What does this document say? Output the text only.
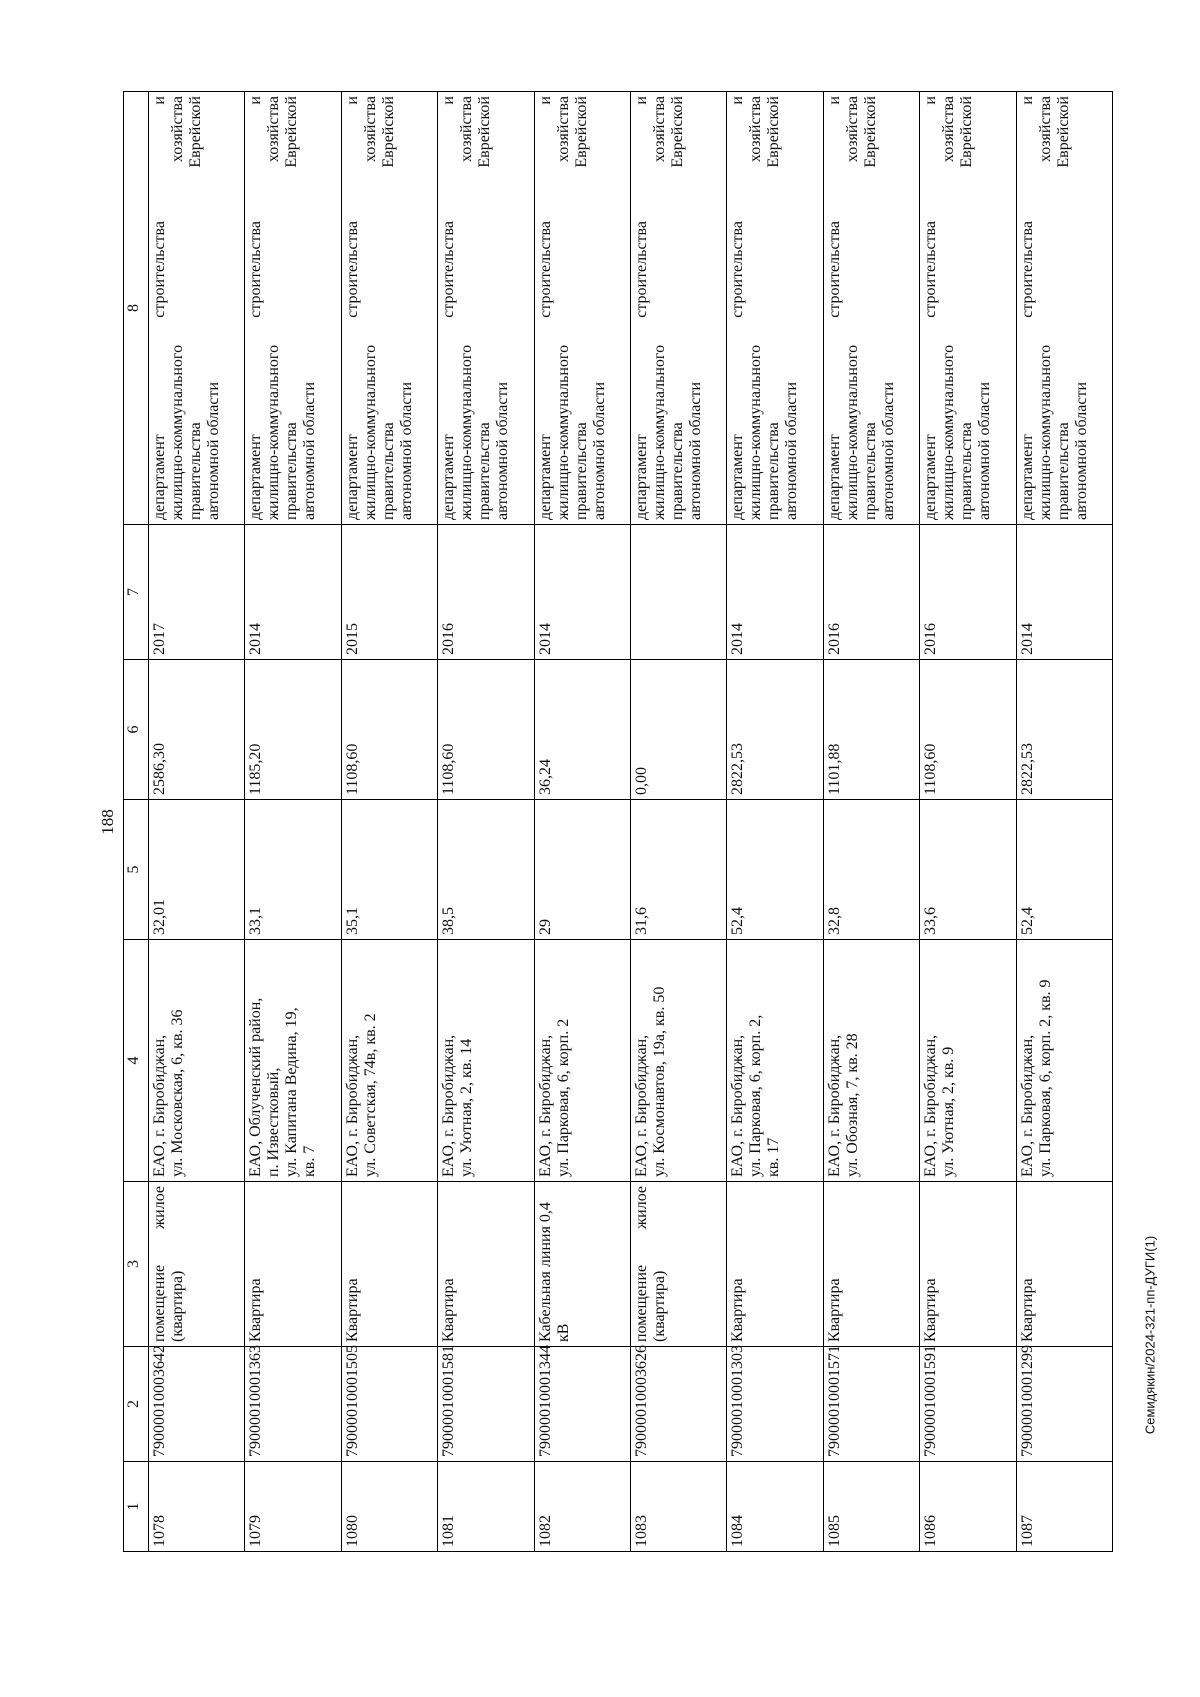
188
1	2	3	4	5	6	7	8
1078	79000010003642	помещение жилое (квартира)	ЕАО, г. Биробиджан, ул. Московская, 6, кв. 36	32,01	2586,30	2017	департамент строительства и жилищно-коммунального хозяйства правительства Еврейской автономной области

1079	79000010001363	Квартира	ЕАО, Облученский район, п. Известковый, ул. Капитана Ведина, 19, кв. 7	33,1	1185,20	2014	департамент строительства и жилищно-коммунального хозяйства правительства Еврейской автономной области

1080	79000010001505	Квартира	ЕАО, г. Биробиджан, ул. Советская, 74в, кв. 2	35,1	1108,60	2015	департамент строительства и жилищно-коммунального хозяйства правительства Еврейской автономной области

1081	79000010001581	Квартира	ЕАО, г. Биробиджан, ул. Уютная, 2, кв. 14	38,5	1108,60	2016	департамент строительства и жилищно-коммунального хозяйства правительства Еврейской автономной области

1082	79000010001344	Кабельная линия 0,4 кВ	ЕАО, г. Биробиджан, ул. Парковая, 6, корп. 2	29	36,24	2014	департамент строительства и жилищно-коммунального хозяйства правительства Еврейской автономной области

1083	79000010003626	помещение жилое (квартира)	ЕАО, г. Биробиджан, ул. Космонавтов, 19а, кв. 50	31,6	0,00		департамент строительства и жилищно-коммунального хозяйства правительства Еврейской автономной области

1084	79000010001303	Квартира	ЕАО, г. Биробиджан, ул. Парковая, 6, корп. 2, кв. 17	52,4	2822,53	2014	департамент строительства и жилищно-коммунального хозяйства правительства Еврейской автономной области

1085	79000010001571	Квартира	ЕАО, г. Биробиджан, ул. Обозная, 7, кв. 28	32,8	1101,88	2016	департамент строительства и жилищно-коммунального хозяйства правительства Еврейской автономной области

1086	79000010001591	Квартира	ЕАО, г. Биробиджан, ул. Уютная, 2, кв. 9	33,6	1108,60	2016	департамент строительства и жилищно-коммунального хозяйства правительства Еврейской автономной области

1087	79000010001299	Квартира	ЕАО, г. Биробиджан, ул. Парковая, 6, корп. 2, кв. 9	52,4	2822,53	2014	департамент строительства и жилищно-коммунального хозяйства правительства Еврейской автономной области
Семидякин/2024-321-пп-ДУГИ(1)
